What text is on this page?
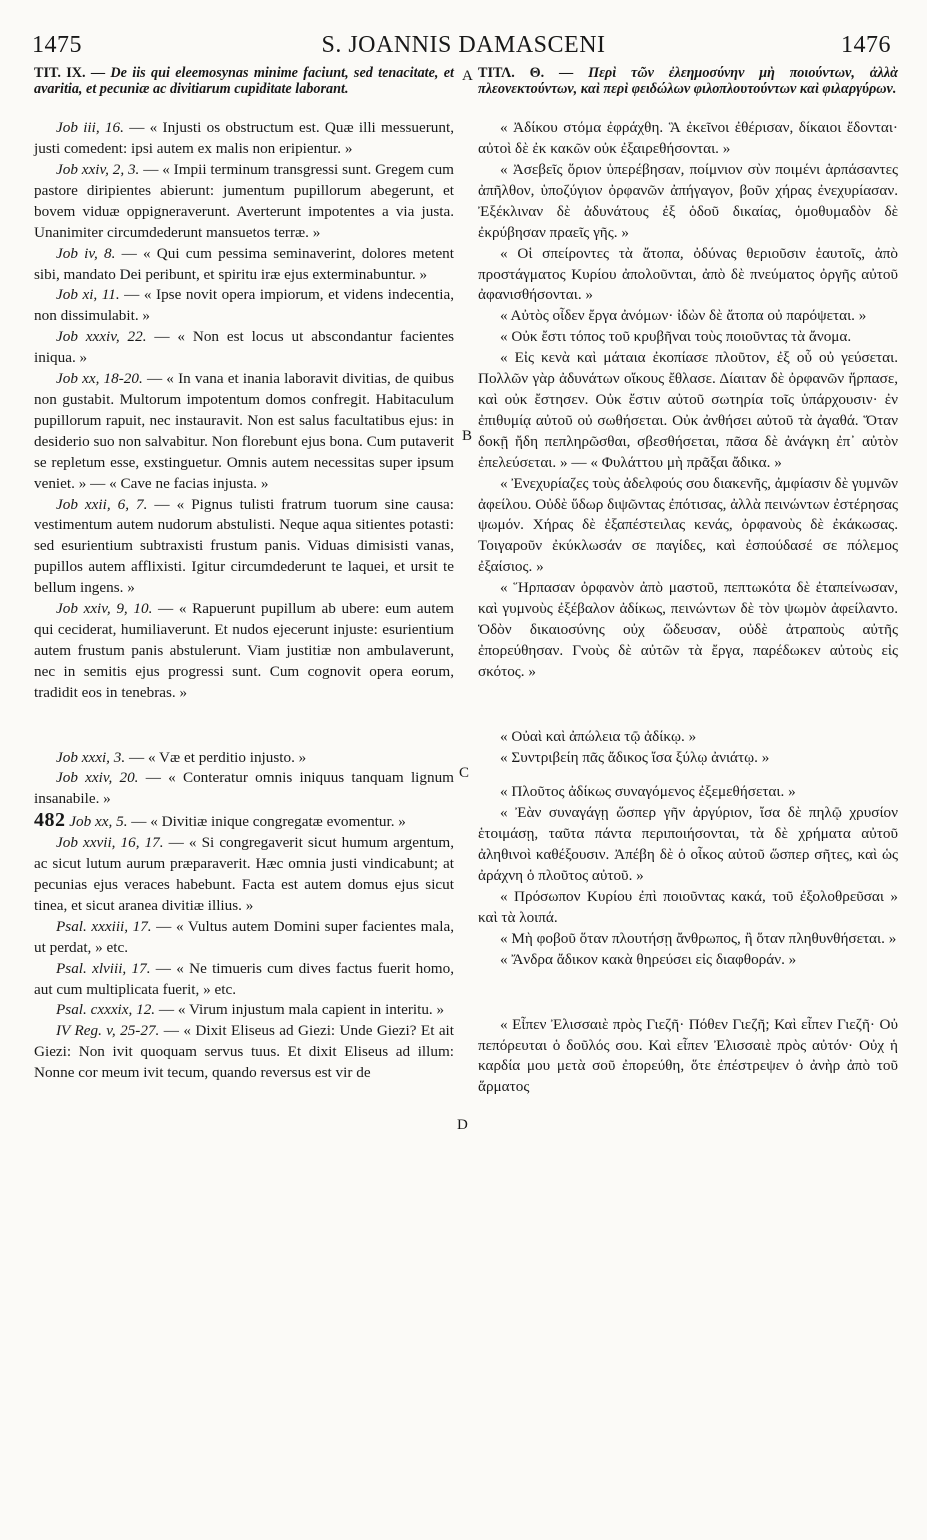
1475	S. JOANNIS DAMASCENI	1476
A
B
C
D
TIT. IX. — De iis qui eleemosynas minime faciunt, sed tenacitate, et avaritia, et pecuniæ ac divitiarum cupiditate laborant.

Job iii, 16. — « Injusti os obstructum est. Quæ illi messuerunt, justi comedent: ipsi autem ex malis non eripientur. »

Job xxiv, 2, 3. — « Impii terminum transgressi sunt. Gregem cum pastore diripientes abierunt: jumentum pupillorum abegerunt, et bovem viduæ oppigneraverunt. Averterunt impotentes a via justa. Unanimiter circumdederunt mansuetos terræ. »

Job iv, 8. — « Qui cum pessima seminaverint, dolores metent sibi, mandato Dei peribunt, et spiritu iræ ejus exterminabuntur. »

Job xi, 11. — « Ipse novit opera impiorum, et videns indecentia, non dissimulabit. »

Job xxxiv, 22. — « Non est locus ut abscondantur facientes iniqua. »

Job xx, 18-20. — « In vana et inania laboravit divitias, de quibus non gustabit. Multorum impotentum domos confregit. Habitaculum pupillorum rapuit, nec instauravit. Non est salus facultatibus ejus: in desiderio suo non salvabitur. Non florebunt ejus bona. Cum putaverit se repletum esse, exstinguetur. Omnis autem necessitas super ipsum veniet. » — « Cave ne facias injusta. »

Job xxii, 6, 7. — « Pignus tulisti fratrum tuorum sine causa: vestimentum autem nudorum abstulisti. Neque aqua sitientes potasti: sed esurientium subtraxisti frustum panis. Viduas dimisisti vanas, pupillos autem afflixisti. Igitur circumdederunt te laquei, et ursit te bellum ingens. »

Job xxiv, 9, 10. — « Rapuerunt pupillum ab ubere: eum autem qui ceciderat, humiliaverunt. Et nudos ejecerunt injuste: esurientium autem frustum panis abstulerunt. Viam justitiæ non ambulaverunt, nec in semitis ejus progressi sunt. Cum cognovit opera eorum, tradidit eos in tenebras. »

Job xxxi, 3. — « Væ et perditio injusto. »

Job xxiv, 20. — « Conteratur omnis iniquus tanquam lignum insanabile. »

482 Job xx, 5. — « Divitiæ inique congregatæ evomentur. »

Job xxvii, 16, 17. — « Si congregaverit sicut humum argentum, ac sicut lutum aurum præparaverit. Hæc omnia justi vindicabunt; at pecunias ejus veraces habebunt. Facta est autem domus ejus sicut tinea, et sicut aranea divitiæ illius. »

Psal. xxxiii, 17. — « Vultus autem Domini super facientes mala, ut perdat, » etc.

Psal. xlviii, 17. — « Ne timueris cum dives factus fuerit homo, aut cum multiplicata fuerit, » etc.

Psal. cxxxix, 12. — « Virum injustum mala capient in interitu. »

IV Reg. v, 25-27. — « Dixit Eliseus ad Giezi: Unde Giezi? Et ait Giezi: Non ivit quoquam servus tuus. Et dixit Eliseus ad illum: Nonne cor meum ivit tecum, quando reversus est vir de

ΤΙΤΛ. Θ. — Περὶ τῶν ἐλεημοσύνην μὴ ποιούντων, ἀλλὰ πλεονεκτούντων, καὶ περὶ φειδώλων φιλοπλουτούντων καὶ φιλαργύρων.

« Ἀδίκου στόμα ἐφράχθη. Ἃ ἐκεῖνοι ἐθέρισαν, δίκαιοι ἔδονται· αὐτοὶ δὲ ἐκ κακῶν οὐκ ἐξαιρεθήσονται. »

« Ἀσεβεῖς ὅριον ὑπερέβησαν, ποίμνιον σὺν ποιμένι ἁρπάσαντες ἀπῆλθον, ὑποζύγιον ὀρφανῶν ἀπήγαγον, βοῦν χήρας ἐνεχυρίασαν. Ἐξέκλιναν δὲ ἀδυνάτους ἐξ ὁδοῦ δικαίας, ὁμοθυμαδὸν δὲ ἐκρύβησαν πραεῖς γῆς. »

« Οἱ σπείροντες τὰ ἄτοπα, ὀδύνας θεριοῦσιν ἑαυτοῖς, ἀπὸ προστάγματος Κυρίου ἀπολοῦνται, ἀπὸ δὲ πνεύματος ὀργῆς αὐτοῦ ἀφανισθήσονται. »

« Αὐτὸς οἶδεν ἔργα ἀνόμων· ἰδὼν δὲ ἄτοπα οὐ παρόψεται. »

« Οὐκ ἔστι τόπος τοῦ κρυβῆναι τοὺς ποιοῦντας τὰ ἄνομα.

« Εἰς κενὰ καὶ μάταια ἐκοπίασε πλοῦτον, ἐξ οὗ οὐ γεύσεται. Πολλῶν γὰρ ἀδυνάτων οἴκους ἔθλασε. Δίαιταν δὲ ὀρφανῶν ἥρπασε, καὶ οὐκ ἔστησεν. Οὐκ ἔστιν αὐτοῦ σωτηρία τοῖς ὑπάρχουσιν· ἐν ἐπιθυμίᾳ αὐτοῦ οὐ σωθήσεται. Οὐκ ἀνθήσει αὐτοῦ τὰ ἀγαθά. Ὅταν δοκῇ ἤδη πεπληρῶσθαι, σβεσθήσεται, πᾶσα δὲ ἀνάγκη ἐπ᾽ αὐτὸν ἐπελεύσεται. » — « Φυλάττου μὴ πρᾶξαι ἄδικα. »

« Ἐνεχυρίαζες τοὺς ἀδελφούς σου διακενῆς, ἀμφίασιν δὲ γυμνῶν ἀφείλου. Οὐδὲ ὕδωρ διψῶντας ἐπότισας, ἀλλὰ πεινώντων ἐστέρησας ψωμόν. Χήρας δὲ ἐξαπέστειλας κενάς, ὀρφανοὺς δὲ ἐκάκωσας. Τοιγαροῦν ἐκύκλωσάν σε παγίδες, καὶ ἐσπούδασέ σε πόλεμος ἐξαίσιος. »

« Ἥρπασαν ὀρφανὸν ἀπὸ μαστοῦ, πεπτωκότα δὲ ἐταπείνωσαν, καὶ γυμνοὺς ἐξέβαλον ἀδίκως, πεινώντων δὲ τὸν ψωμὸν ἀφείλαντο. Ὁδὸν δικαιοσύνης οὐχ ὥδευσαν, οὐδὲ ἀτραποὺς αὐτῆς ἐπορεύθησαν. Γνοὺς δὲ αὐτῶν τὰ ἔργα, παρέδωκεν αὐτοὺς εἰς σκότος. »

« Οὐαὶ καὶ ἀπώλεια τῷ ἀδίκῳ. »

« Συντριβείη πᾶς ἄδικος ἴσα ξύλῳ ἀνιάτῳ. »

« Πλοῦτος ἀδίκως συναγόμενος ἐξεμεθήσεται. »

« Ἐὰν συναγάγῃ ὥσπερ γῆν ἀργύριον, ἴσα δὲ πηλῷ χρυσίον ἑτοιμάσῃ, ταῦτα πάντα περιποιήσονται, τὰ δὲ χρήματα αὐτοῦ ἀληθινοὶ καθέξουσιν. Ἀπέβη δὲ ὁ οἶκος αὐτοῦ ὥσπερ σῆτες, καὶ ὡς ἀράχνη ὁ πλοῦτος αὐτοῦ. »

« Πρόσωπον Κυρίου ἐπὶ ποιοῦντας κακά, τοῦ ἐξολοθρεῦσαι » καὶ τὰ λοιπά.

« Μὴ φοβοῦ ὅταν πλουτήσῃ ἄνθρωπος, ἢ ὅταν πληθυνθήσεται. »

« Ἄνδρα ἄδικον κακὰ θηρεύσει εἰς διαφθοράν. »

« Εἶπεν Ἐλισσαιὲ πρὸς Γιεζῆ· Πόθεν Γιεζῆ; Καὶ εἶπεν Γιεζῆ· Οὐ πεπόρευται ὁ δοῦλός σου. Καὶ εἶπεν Ἐλισσαιὲ πρὸς αὐτόν· Οὐχ ἡ καρδία μου μετὰ σοῦ ἐπορεύθη, ὅτε ἐπέστρεψεν ὁ ἀνὴρ ἀπὸ τοῦ ἅρματος
